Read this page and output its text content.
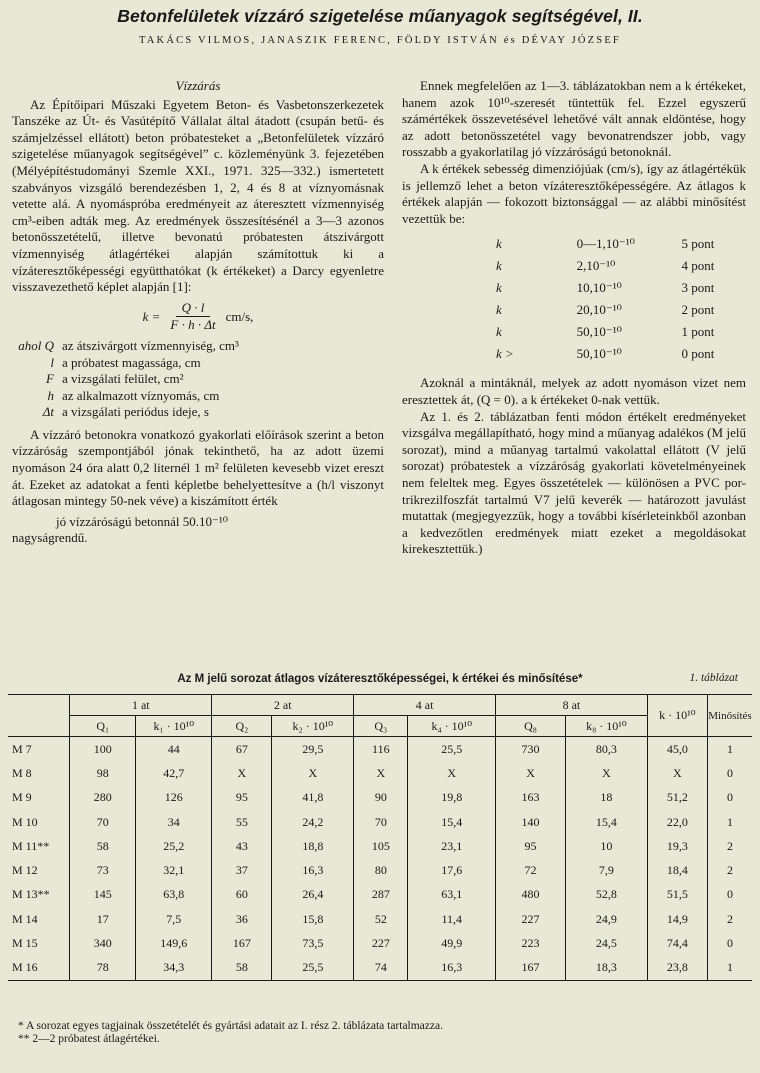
Betonfelületek vízzáró szigetelése műanyagok segítségével, II.
TAKÁCS VILMOS, JANASZIK FERENC, FÖLDY ISTVÁN és DÉVAY JÓZSEF
Vízzárás

Az Építőipari Műszaki Egyetem Beton- és Vasbetonszerkezetek Tanszéke az Út- és Vasútépítő Vállalat által átadott (csupán betű- és számjelzéssel ellátott) beton próbatesteket a „Betonfelületek vízzáró szigetelése műanyagok segítségével” c. közleményünk 3. fejezetében (Mélyépítéstudományi Szemle XXI., 1971. 325—332.) ismertetett szabványos vizsgáló berendezésben 1, 2, 4 és 8 at víznyomásnak vetette alá. A nyomáspróba eredményeit az áteresztett vízmennyiség cm³-eiben adták meg. Az eredmények összesítésénél a 3—3 azonos betonösszetételű, illetve bevonatú próbatesten átszivárgott vízmennyiség átlagértékei alapján számítottuk ki a vízáteresztőképességi együtthatókat (k értékeket) a Darcy egyenletre visszavezethető képlet alapján [1]:

$k = \frac{Q \cdot l}{F \cdot h \cdot \Delta t} cm/s$,
ahol Q az átszivárgott vízmennyiség, cm³
l a próbatest magassága, cm
F a vizsgálati felület, cm²
h az alkalmazott víznyomás, cm
Δt a vizsgálati periódus ideje, s

A vízzáró betonokra vonatkozó gyakorlati előírások szerint a beton vízzáróság szempontjából jónak tekinthető, ha az adott üzemi nyomáson 24 óra alatt 0,2 liternél 1 m² felületen kevesebb vizet ereszt át. Ezeket az adatokat a fenti képletbe behelyettesítve a (h/l viszonyt átlagosan mintegy 50-nek véve) a kiszámított érték

jó vízzáróságú betonnál 50.10⁻¹⁰

nagyságrendű.

Ennek megfelelően az 1—3. táblázatokban nem a k értékeket, hanem azok 10¹⁰-szeresét tüntettük fel. Ezzel egyszerű számértékek összevetésével lehetővé vált annak eldöntése, hogy az adott betonösszetétel vagy bevonatrendszer jobb, vagy rosszabb a gyakorlatilag jó vízzáróságú betonoknál.

A k értékek sebesség dimenziójúak (cm/s), így az átlagértékük is jellemző lehet a beton vízáteresztőképességére. Az átlagos k értékek alapján — fokozott biztonsággal — az alábbi minősítést vezettük be:

k	0—1,10⁻¹⁰	5 pont
k	2,10⁻¹⁰	4 pont
k	10,10⁻¹⁰	3 pont
k	20,10⁻¹⁰	2 pont
k	50,10⁻¹⁰	1 pont
k >	50,10⁻¹⁰	0 pont

Azoknál a mintáknál, melyek az adott nyomáson vizet nem eresztettek át, (Q = 0). a k értékeket 0-nak vettük.

Az 1. és 2. táblázatban fenti módon értékelt eredményeket vizsgálva megállapítható, hogy mind a műanyag adalékos (M jelű sorozat), mind a műanyag tartalmú vakolattal ellátott (V jelű sorozat) próbatestek a vízzáróság gyakorlati követelményeinek nem feleltek meg. Egyes összetételek — különösen a PVC por-trikrezilfoszfát tartalmú V7 jelű keverék — határozott javulást mutattak (megjegyezzük, hogy a további kísérleteinkből azonban a kedvezőtlen eredmények miatt ezeket a megoldásokat kirekesztettük.)

Az M jelű sorozat átlagos vízáteresztőképességei, k értékei és minősítése*	1. táblázat
	1 at		2 at		4 at		8 at		k · 10¹⁰	Minősítés
	Q₁	k₁ · 10¹⁰	Q₂	k₂ · 10¹⁰	Q₃	k₄ · 10¹⁰	Q₈	k₈ · 10¹⁰		
M 7	100	44	67	29,5	116	25,5	730	80,3	45,0	1
M 8	98	42,7	X	X	X	X	X	X	X	0
M 9	280	126	95	41,8	90	19,8	163	18	51,2	0
M 10	70	34	55	24,2	70	15,4	140	15,4	22,0	1
M 11**	58	25,2	43	18,8	105	23,1	95	10	19,3	2
M 12	73	32,1	37	16,3	80	17,6	72	7,9	18,4	2
M 13**	145	63,8	60	26,4	287	63,1	480	52,8	51,5	0
M 14	17	7,5	36	15,8	52	11,4	227	24,9	14,9	2
M 15	340	149,6	167	73,5	227	49,9	223	24,5	74,4	0
M 16	78	34,3	58	25,5	74	16,3	167	18,3	23,8	1
* A sorozat egyes tagjainak összetételét és gyártási adatait az I. rész 2. táblázata tartalmazza.
** 2—2 próbatest átlagértékei.
